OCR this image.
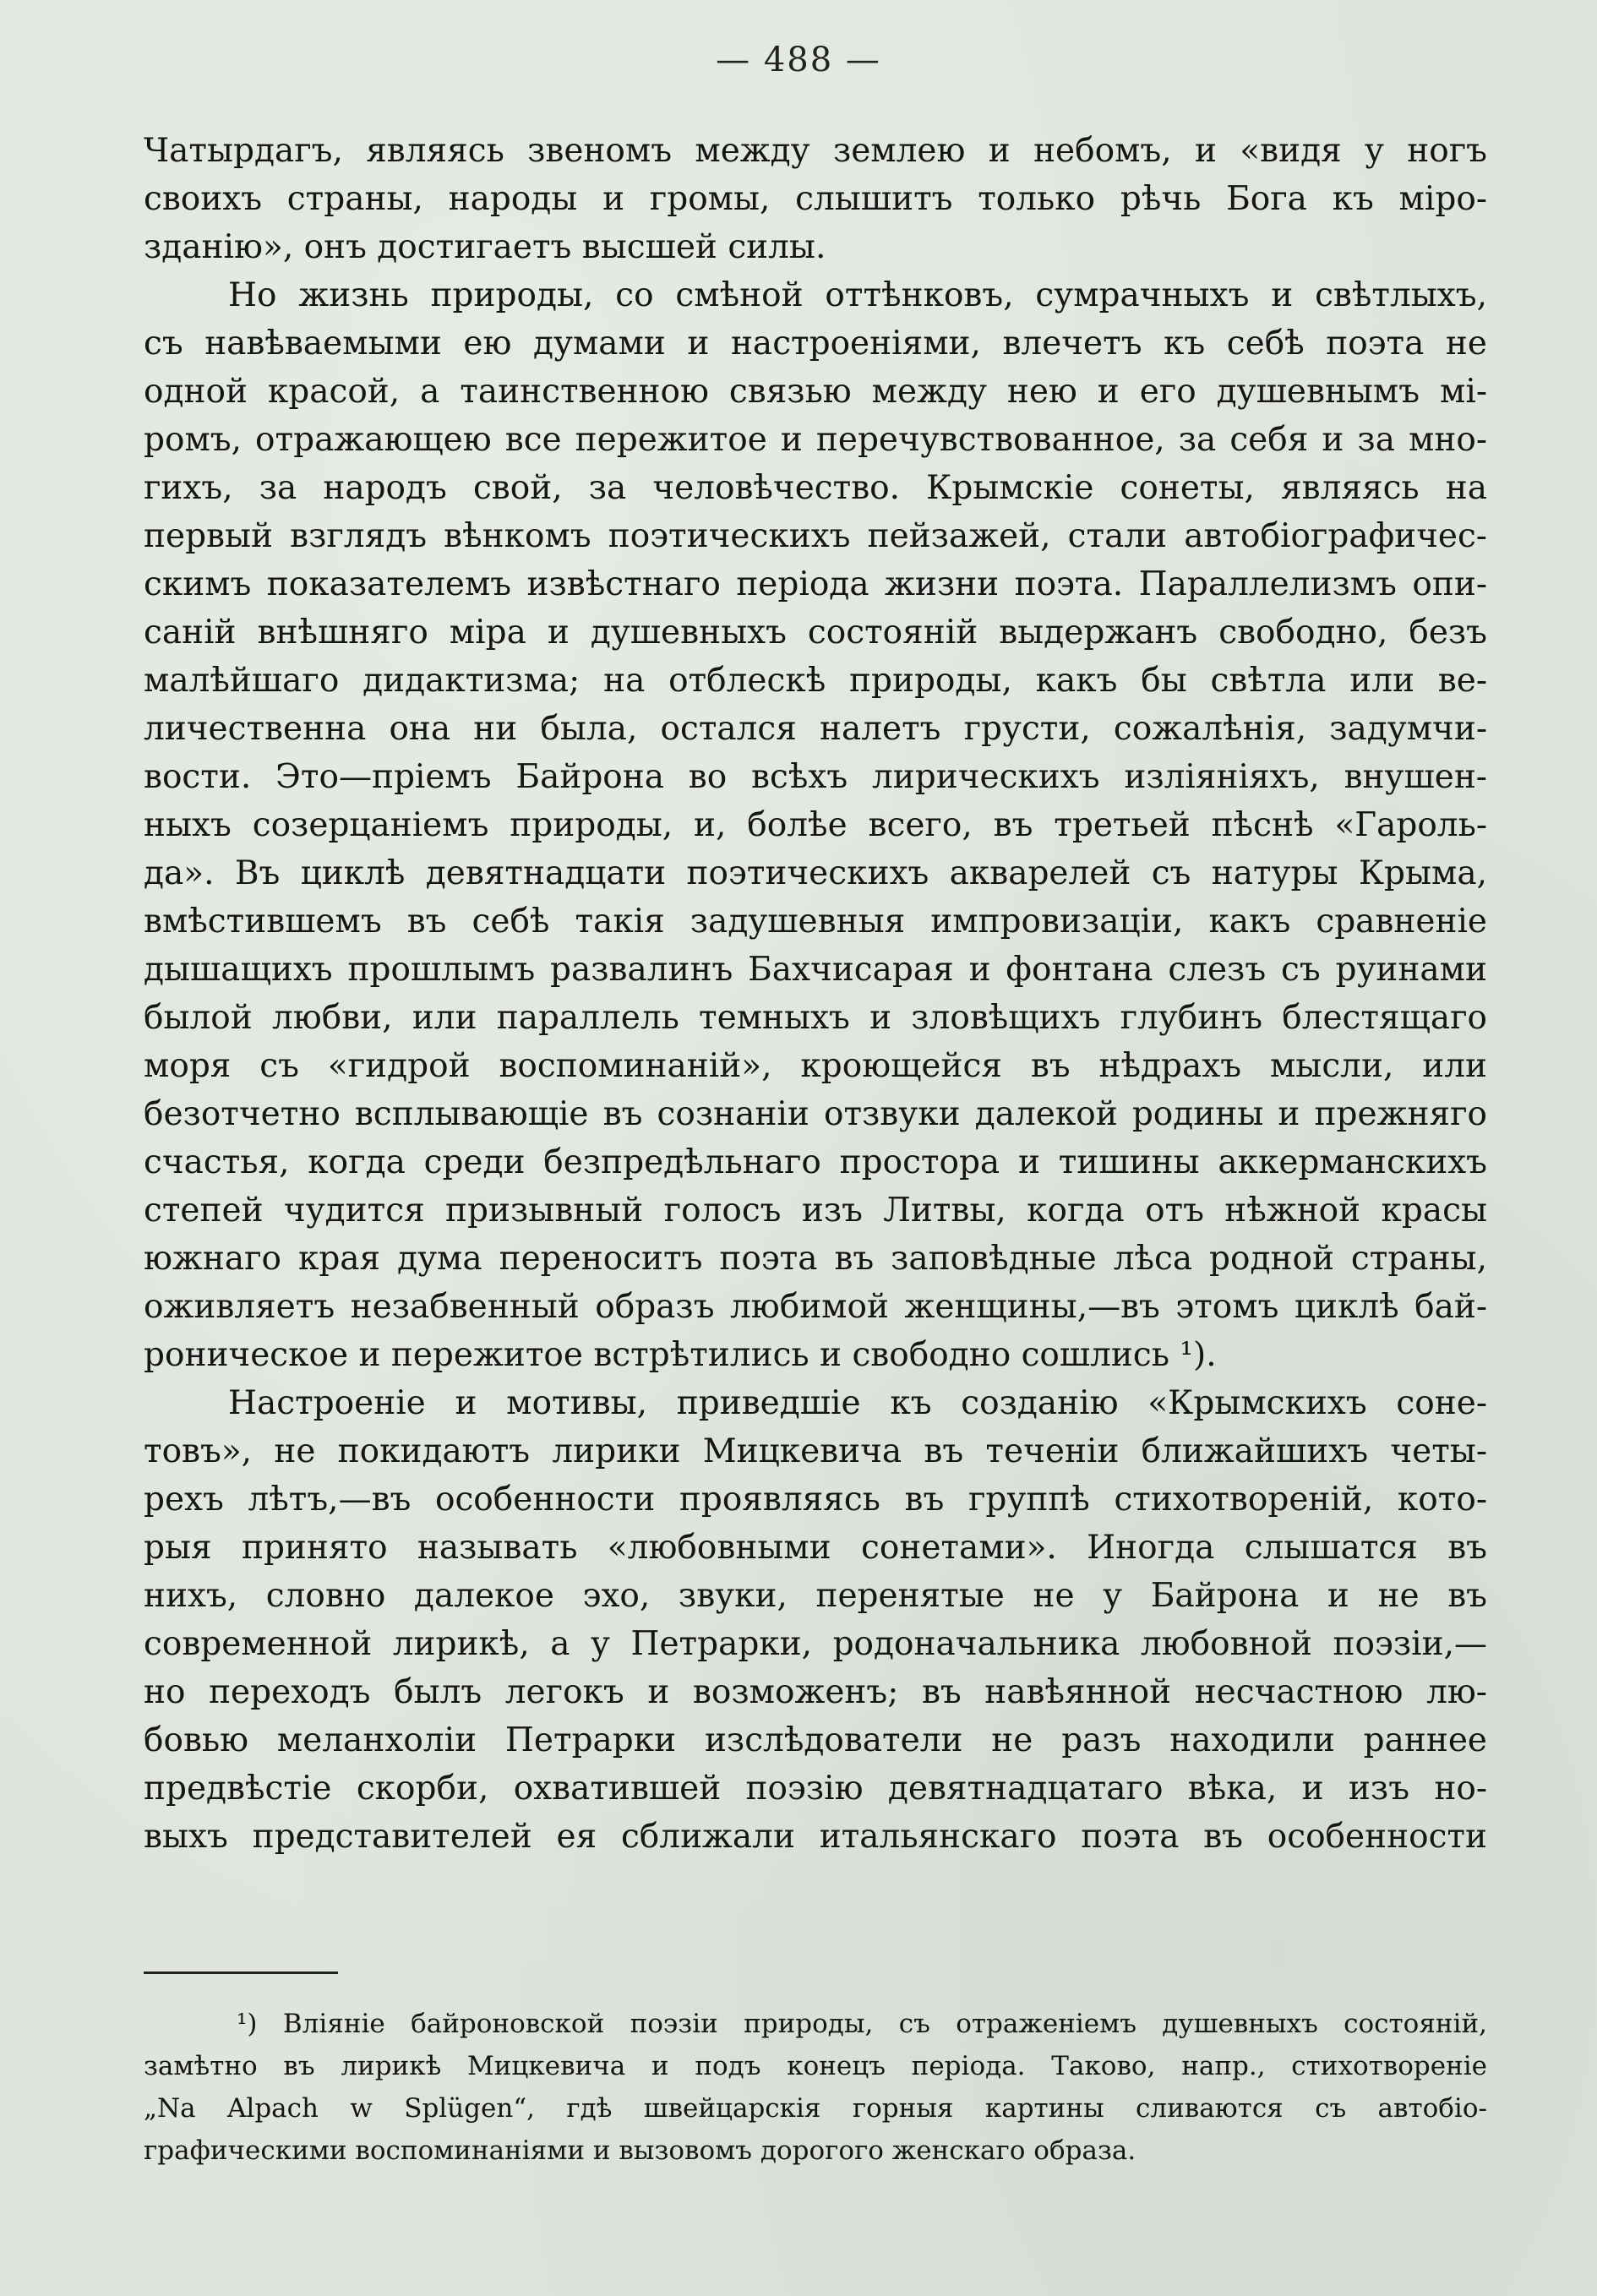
— 488 —
Чатырдагъ, являясь звеномъ между землею и небомъ, и «видя у ногъ
своихъ страны, народы и громы, слышитъ только рѣчь Бога къ міро-
зданію», онъ достигаетъ высшей силы.
Но жизнь природы, со смѣной оттѣнковъ, сумрачныхъ и свѣтлыхъ,
съ навѣваемыми ею думами и настроеніями, влечетъ къ себѣ поэта не
одной красой, а таинственною связью между нею и его душевнымъ мі-
ромъ, отражающею все пережитое и перечувствованное, за себя и за мно-
гихъ, за народъ свой, за человѣчество. Крымскіе сонеты, являясь на
первый взглядъ вѣнкомъ поэтическихъ пейзажей, стали автобіографичес-
скимъ показателемъ извѣстнаго періода жизни поэта. Параллелизмъ опи-
саній внѣшняго міра и душевныхъ состояній выдержанъ свободно, безъ
малѣйшаго дидактизма; на отблескѣ природы, какъ бы свѣтла или ве-
личественна она ни была, остался налетъ грусти, сожалѣнія, задумчи-
вости. Это—пріемъ Байрона во всѣхъ лирическихъ изліяніяхъ, внушен-
ныхъ созерцаніемъ природы, и, болѣе всего, въ третьей пѣснѣ «Гароль-
да». Въ циклѣ девятнадцати поэтическихъ акварелей съ натуры Крыма,
вмѣстившемъ въ себѣ такія задушевныя импровизаціи, какъ сравненіе
дышащихъ прошлымъ развалинъ Бахчисарая и фонтана слезъ съ руинами
былой любви, или параллель темныхъ и зловѣщихъ глубинъ блестящаго
моря съ «гидрой воспоминаній», кроющейся въ нѣдрахъ мысли, или
безотчетно всплывающіе въ сознаніи отзвуки далекой родины и прежняго
счастья, когда среди безпредѣльнаго простора и тишины аккерманскихъ
степей чудится призывный голосъ изъ Литвы, когда отъ нѣжной красы
южнаго края дума переноситъ поэта въ заповѣдные лѣса родной страны,
оживляетъ незабвенный образъ любимой женщины,—въ этомъ циклѣ бай-
роническое и пережитое встрѣтились и свободно сошлись ¹).
Настроеніе и мотивы, приведшіе къ созданію «Крымскихъ соне-
товъ», не покидаютъ лирики Мицкевича въ теченіи ближайшихъ четы-
рехъ лѣтъ,—въ особенности проявляясь въ группѣ стихотвореній, кото-
рыя принято называть «любовными сонетами». Иногда слышатся въ
нихъ, словно далекое эхо, звуки, перенятые не у Байрона и не въ
современной лирикѣ, а у Петрарки, родоначальника любовной поэзіи,—
но переходъ былъ легокъ и возможенъ; въ навѣянной несчастною лю-
бовью меланхоліи Петрарки изслѣдователи не разъ находили раннее
предвѣстіе скорби, охватившей поэзію девятнадцатаго вѣка, и изъ но-
выхъ представителей ея сближали итальянскаго поэта въ особенности
¹) Вліяніе байроновской поэзіи природы, съ отраженіемъ душевныхъ состояній,
замѣтно въ лирикѣ Мицкевича и подъ конецъ періода. Таково, напр., стихотвореніе
„Na Alpach w Splügen“, гдѣ швейцарскія горныя картины сливаются съ автобіо-
графическими воспоминаніями и вызовомъ дорогого женскаго образа.
